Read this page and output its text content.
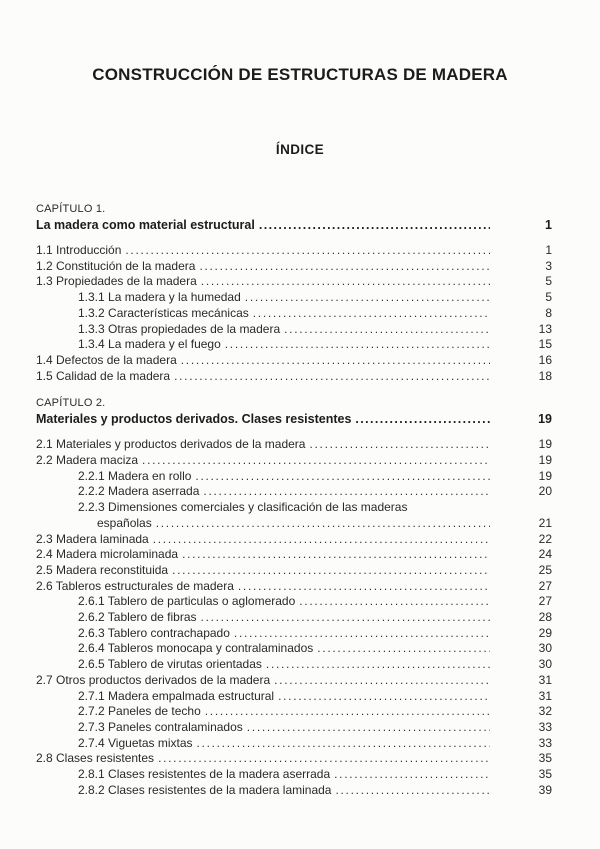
CONSTRUCCIÓN DE ESTRUCTURAS DE MADERA
ÍNDICE
CAPÍTULO 1.
La madera como material estructural .....	1
1.1 Introducción .....	1
1.2 Constitución de la madera .....	3
1.3 Propiedades de la madera .....	5
1.3.1 La madera y la humedad .....	5
1.3.2 Características mecánicas .....	8
1.3.3 Otras propiedades de la madera .....	13
1.3.4 La madera y el fuego .....	15
1.4 Defectos de la madera .....	16
1.5 Calidad de la madera .....	18
CAPÍTULO 2.
Materiales y productos derivados. Clases resistentes .....	19
2.1 Materiales y productos derivados de la madera .....	19
2.2 Madera maciza .....	19
2.2.1 Madera en rollo .....	19
2.2.2 Madera aserrada .....	20
2.2.3 Dimensiones comerciales y clasificación de las maderas
españolas .....	21
2.3 Madera laminada .....	22
2.4 Madera microlaminada .....	24
2.5 Madera reconstituida .....	25
2.6 Tableros estructurales de madera .....	27
2.6.1 Tablero de particulas o aglomerado .....	27
2.6.2 Tablero de fibras .....	28
2.6.3 Tablero contrachapado .....	29
2.6.4 Tableros monocapa y contralaminados .....	30
2.6.5 Tablero de virutas orientadas .....	30
2.7 Otros productos derivados de la madera .....	31
2.7.1 Madera empalmada estructural .....	31
2.7.2 Paneles de techo .....	32
2.7.3 Paneles contralaminados .....	33
2.7.4 Viguetas mixtas .....	33
2.8 Clases resistentes .....	35
2.8.1 Clases resistentes de la madera aserrada .....	35
2.8.2 Clases resistentes de la madera laminada .....	39
